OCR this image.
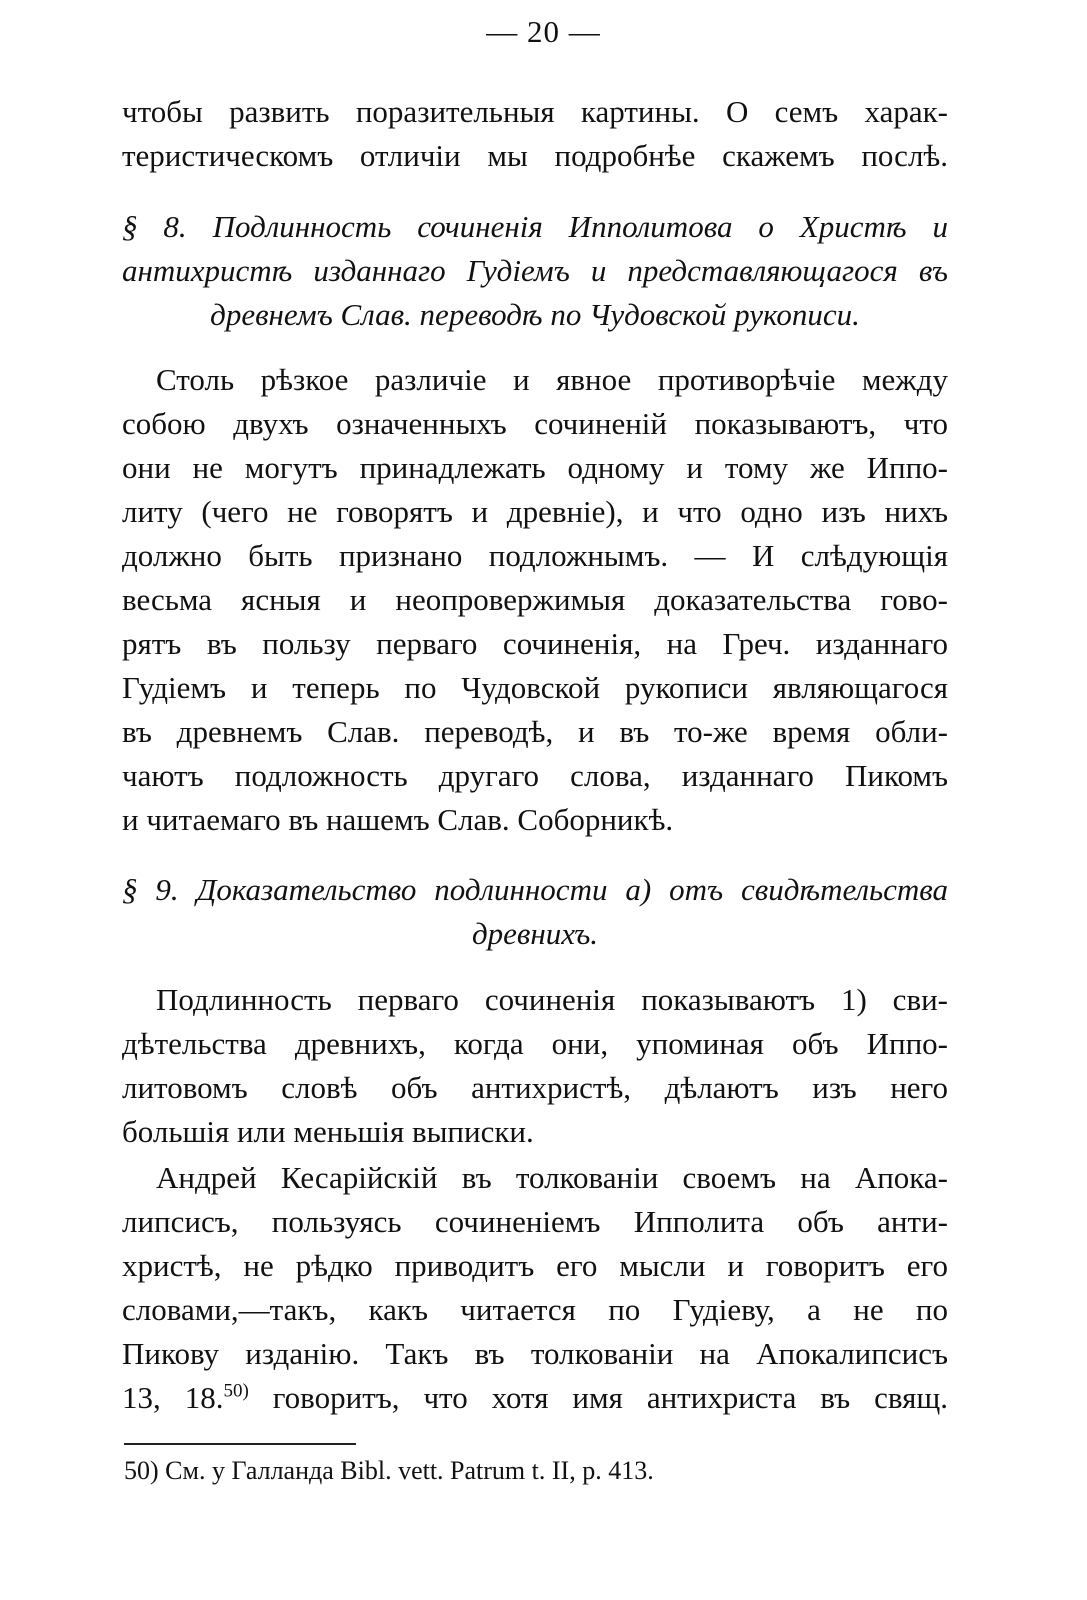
— 20 —
чтобы развить поразительныя картины. О семъ харак-
теристическомъ отличіи мы подробнѣе скажемъ послѣ.
§ 8. Подлинность сочиненія Ипполитова о Христѣ и
антихристѣ изданнаго Гудіемъ и представляющагося въ
древнемъ Слав. переводѣ по Чудовской рукописи.
Столь рѣзкое различіе и явное противорѣчіе между
собою двухъ означенныхъ сочиненій показываютъ, что
они не могутъ принадлежать одному и тому же Иппо-
литу (чего не говорятъ и древніе), и что одно изъ нихъ
должно быть признано подложнымъ. — И слѣдующія
весьма ясныя и неопровержимыя доказательства гово-
рятъ въ пользу перваго сочиненія, на Греч. изданнаго
Гудіемъ и теперь по Чудовской рукописи являющагося
въ древнемъ Слав. переводѣ, и въ то-же время обли-
чаютъ подложность другаго слова, изданнаго Пикомъ
и читаемаго въ нашемъ Слав. Соборникѣ.
§ 9. Доказательство подлинности а) отъ свидѣтельства
древнихъ.
Подлинность перваго сочиненія показываютъ 1) сви-
дѣтельства древнихъ, когда они, упоминая объ Иппо-
литовомъ словѣ объ антихристѣ, дѣлаютъ изъ него
большія или меньшія выписки.
Андрей Кесарійскій въ толкованіи своемъ на Апока-
липсисъ, пользуясь сочиненіемъ Ипполита объ анти-
христѣ, не рѣдко приводитъ его мысли и говоритъ его
словами,—такъ, какъ читается по Гудіеву, а не по
Пикову изданію. Такъ въ толкованіи на Апокалипсисъ
13, 18.$^{50)}$ говоритъ, что хотя имя антихриста въ свящ.
50) См. у Галланда Bibl. vett. Patrum t. II, p. 413.
